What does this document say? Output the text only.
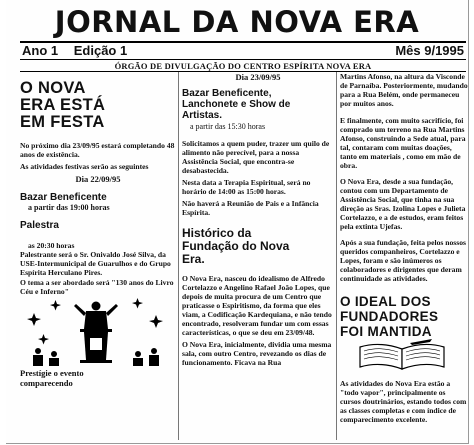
JORNAL DA NOVA ERA
Ano 1 Edição 1	Mês 9/1995
ÓRGÃO DE DIVULGAÇÃO DO CENTRO ESPÍRITA NOVA ERA
O NOVA
ERA ESTÁ
EM FESTA
No próximo dia 23/09/95 estará completando 48 anos de existência.
As atividades festivas serão as seguintes
Dia 22/09/95
Bazar Beneficente
a partir das 19:00 horas
Palestra
as 20:30 horas
Palestrante será o Sr. Onivaldo José Silva, da USE-Intermunicipal de Guarulhos e do Grupo Espírita Herculano Pires.
O tema a ser abordado será "130 anos do Livro Céu e Inferno"
Prestígie o evento
comparecendo
Dia 23/09/95
Bazar Beneficente,
Lanchonete e Show de
Artistas.
a partir das 15:30 horas
Solicitamos a quem puder, trazer um quilo de alimento não perecível, para a nossa Assistência Social, que encontra-se desabastecida.
Nesta data a Terapia Espiritual, será no horário de 14:00 as 15:00 horas.
Não haverá a Reunião de Pais e a Infância Espírita.
Histórico da
Fundação do Nova
Era.
O Nova Era, nasceu do idealismo de Alfredo Cortelazzo e Angelino Rafael João Lopes, que depois de muita procura de um Centro que praticasse o Espiritismo, da forma que eles viam, a Codificação Kardequiana, e não tendo encontrado, resolveram fundar um com essas características, o que se deu em 23/09/48.
O Nova Era, inicialmente, dividia uma mesma sala, com outro Centro, revezando os dias de funcionamento. Ficava na Rua
Martins Afonso, na altura da Visconde de Parnaíba. Posteriormente, mudando para a Rua Belém, onde permaneceu por muitos anos.
E finalmente, com muito sacrifício, foi comprado um terreno na Rua Martins Afonso, construindo a Sede atual, para tal, contaram com muitas doações, tanto em materiais , como em mão de obra.
O Nova Era, desde a sua fundação, contou com um Departamento de Assistência Social, que tinha na sua direção as Sras. Izolina Lopes e Julieta Cortelazzo, e a de estudos, eram feitos pela extinta Ujefas.
Após a sua fundação, feita pelos nossos queridos companheiros, Cortelazzo e Lopes, foram e são inúmeros os colaboradores e dirigentes que deram continuidade as atividades.
O IDEAL DOS
FUNDADORES
FOI MANTIDA
As atividades do Nova Era estão a "todo vapor", principalmente os cursos doutrinários, estando todos com as classes completas e com índice de comparecimento excelente.
